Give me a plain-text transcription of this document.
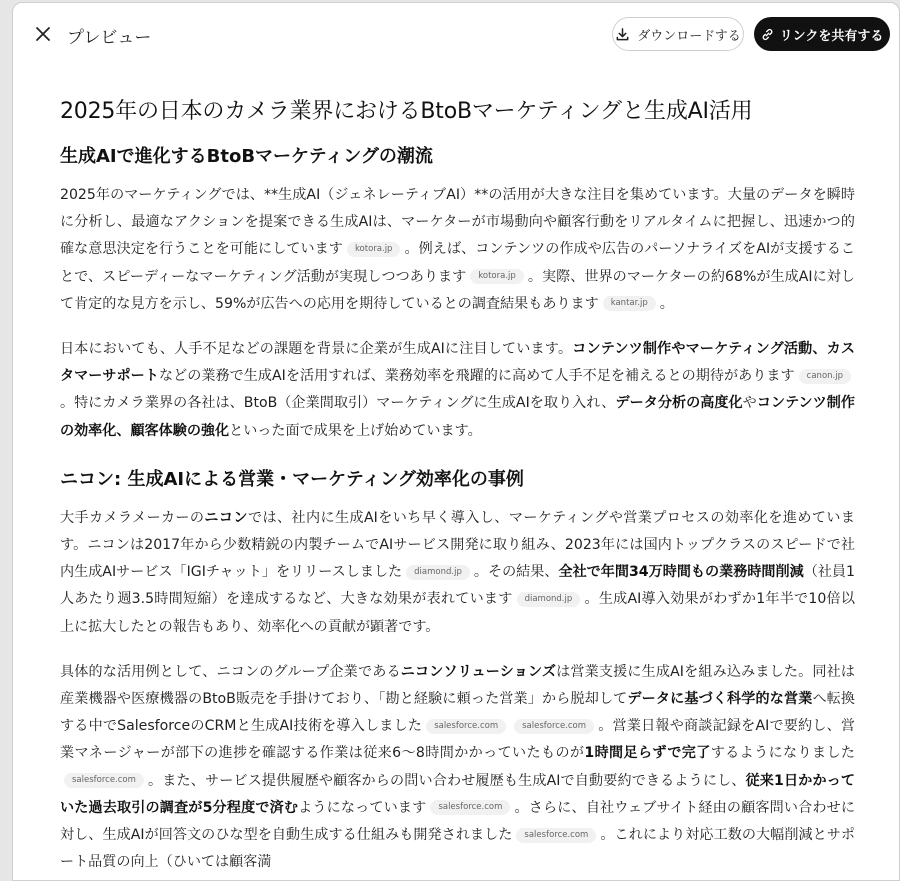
プレビュー	ダウンロードする	リンクを共有する
2025年の日本のカメラ業界におけるBtoBマーケティングと生成AI活用
生成AIで進化するBtoBマーケティングの潮流

2025年のマーケティングでは、**生成AI（ジェネレーティブAI）**の活用が大きな注目を集めています。大量のデータを瞬時に分析し、最適なアクションを提案できる生成AIは、マーケターが市場動向や顧客行動をリアルタイムに把握し、迅速かつ的確な意思決定を行うことを可能にしています kotora.jp 。例えば、コンテンツの作成や広告のパーソナライズをAIが支援することで、スピーディーなマーケティング活動が実現しつつあります kotora.jp 。実際、世界のマーケターの約68%が生成AIに対して肯定的な見方を示し、59%が広告への応用を期待しているとの調査結果もあります kantar.jp 。

日本においても、人手不足などの課題を背景に企業が生成AIに注目しています。コンテンツ制作やマーケティング活動、カスタマーサポートなどの業務で生成AIを活用すれば、業務効率を飛躍的に高めて人手不足を補えるとの期待があります canon.jp。特にカメラ業界の各社は、BtoB（企業間取引）マーケティングに生成AIを取り入れ、データ分析の高度化やコンテンツ制作の効率化、顧客体験の強化といった面で成果を上げ始めています。

ニコン: 生成AIによる営業・マーケティング効率化の事例

大手カメラメーカーのニコンでは、社内に生成AIをいち早く導入し、マーケティングや営業プロセスの効率化を進めています。ニコンは2017年から少数精鋭の内製チームでAIサービス開発に取り組み、2023年には国内トップクラスのスピードで社内生成AIサービス「IGIチャット」をリリースしました diamond.jp 。その結果、全社で年間34万時間もの業務時間削減（社員1人あたり週3.5時間短縮）を達成するなど、大きな効果が表れています diamond.jp 。生成AI導入効果がわずか1年半で10倍以上に拡大したとの報告もあり、効率化への貢献が顕著です。

具体的な活用例として、ニコンのグループ企業であるニコンソリューションズは営業支援に生成AIを組み込みました。同社は産業機器や医療機器のBtoB販売を手掛けており、「勘と経験に頼った営業」から脱却してデータに基づく科学的な営業へ転換する中でSalesforceのCRMと生成AI技術を導入しました salesforce.com	salesforce.com 。営業日報や商談記録をAIで要約し、営業マネージャーが部下の進捗を確認する作業は従来6〜8時間かかっていたものが1時間足らずで完了するようになりましたsalesforce.com 。また、サービス提供履歴や顧客からの問い合わせ履歴も生成AIで自動要約できるようにし、従来1日かかっていた過去取引の調査が5分程度で済むようになっています salesforce.com 。さらに、自社ウェブサイト経由の顧客問い合わせに対し、生成AIが回答文のひな型を自動生成する仕組みも開発されました salesforce.com 。これにより対応工数の大幅削減とサポート品質の向上（ひいては顧客満
